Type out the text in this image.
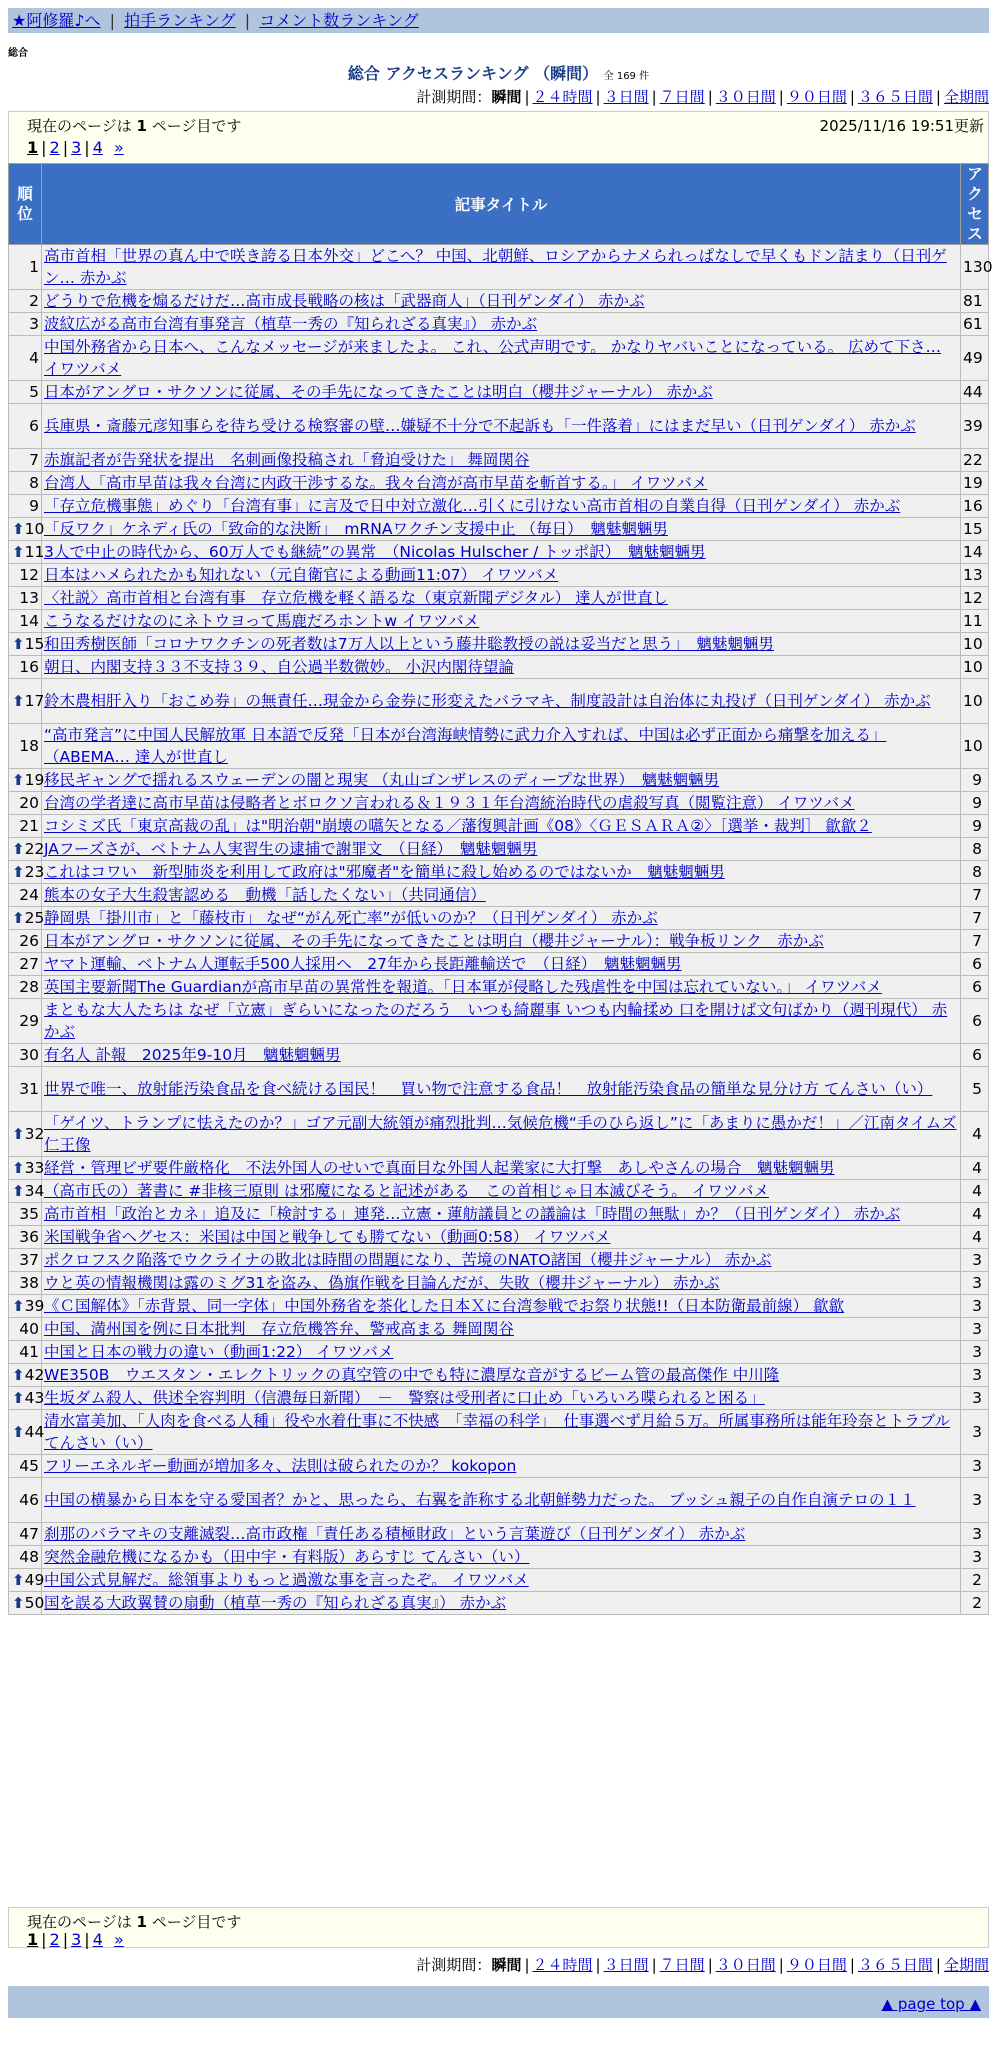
★阿修羅♪へ | 拍手ランキング | コメント数ランキング
総合
総合 アクセスランキング （瞬間） 全 169 件
計測期間：瞬間 | ２４時間 | ３日間 | ７日間 | ３０日間 | ９０日間 | ３６５日間 | 全期間
現在のページは 1 ページ目です	2025/11/16 19:51更新
1 | 2 | 3 | 4 »
順位	記事タイトル	アクセス
1	高市首相「世界の真ん中で咲き誇る日本外交」どこへ？ 中国、北朝鮮、ロシアからナメられっぱなしで早くもドン詰まり（日刊ゲン… 赤かぶ	130
2	どうりで危機を煽るだけだ…高市成長戦略の核は「武器商人」（日刊ゲンダイ） 赤かぶ	81
3	波紋広がる高市台湾有事発言（植草一秀の『知られざる真実』） 赤かぶ	61
4	中国外務省から日本へ、こんなメッセージが来ましたよ。 これ、公式声明です。 かなりヤバいことになっている。 広めて下さ… イワツバメ	49
5	日本がアングロ・サクソンに従属、その手先になってきたことは明白（櫻井ジャーナル） 赤かぶ	44
6	兵庫県・斎藤元彦知事らを待ち受ける検察審の壁…嫌疑不十分で不起訴も「一件落着」にはまだ早い（日刊ゲンダイ） 赤かぶ	39
7	赤旗記者が告発状を提出　名刺画像投稿され「脅迫受けた」 舞岡関谷	22
8	台湾人「高市早苗は我々台湾に内政干渉するな。我々台湾が高市早苗を斬首する。」 イワツバメ	19
9	「存立危機事態」めぐり「台湾有事」に言及で日中対立激化…引くに引けない高市首相の自業自得（日刊ゲンダイ） 赤かぶ	16

⬆ 10	「反ワク」ケネディ氏の「致命的な決断」　mRNAワクチン支援中止 （毎日）　魑魅魍魎男	15

⬆ 11	3人で中止の時代から、60万人でも継続”の異常　（Nicolas Hulscher / トッポ訳）　魑魅魍魎男	14
12	日本はハメられたかも知れない（元自衛官による動画11:07） イワツバメ	13
13	〈社説〉高市首相と台湾有事　存立危機を軽く語るな（東京新聞デジタル） 達人が世直し	12
14	こうなるだけなのにネトウヨって馬鹿だろホントw イワツバメ	11

⬆ 15	和田秀樹医師「コロナワクチンの死者数は7万人以上という藤井聡教授の説は妥当だと思う」　魑魅魍魎男	10
16	朝日、内閣支持３３不支持３９、自公過半数微妙。 小沢内閣待望論	10

⬆ 17	鈴木農相肝入り「おこめ券」の無責任…現金から金券に形変えたバラマキ、制度設計は自治体に丸投げ（日刊ゲンダイ） 赤かぶ	10
18	“高市発言”に中国人民解放軍 日本語で反発「日本が台湾海峡情勢に武力介入すれば、中国は必ず正面から痛撃を加える」（ABEMA… 達人が世直し	10

⬆ 19	移民ギャングで揺れるスウェーデンの闇と現実 （丸山ゴンザレスのディープな世界）　魑魅魍魎男	9
20	台湾の学者達に高市早苗は侵略者とボロクソ言われる＆１９３１年台湾統治時代の虐殺写真（閲覧注意） イワツバメ	9
21	コシミズ氏「東京高裁の乱」は"明治朝"崩壊の嚆矢となる／藩復興計画《08》〈ＧＥＳＡＲＡ②〉［選挙・裁判］ 歙歙２	9

⬆ 22	JAフーズさが、ベトナム人実習生の逮捕で謝罪文　（日経）　魑魅魍魎男	8

⬆ 23	これはコワい　新型肺炎を利用して政府は"邪魔者"を簡単に殺し始めるのではないか　魑魅魍魎男	8
24	熊本の女子大生殺害認める　動機「話したくない」（共同通信）	7

⬆ 25	静岡県「掛川市」と「藤枝市」 なぜ“がん死亡率”が低いのか？（日刊ゲンダイ） 赤かぶ	7
26	日本がアングロ・サクソンに従属、その手先になってきたことは明白（櫻井ジャーナル）：戦争板リンク　赤かぶ	7
27	ヤマト運輸、ベトナム人運転手500人採用へ　27年から長距離輸送で　（日経）　魑魅魍魎男	6
28	英国主要新聞The Guardianが高市早苗の異常性を報道。「日本軍が侵略した残虐性を中国は忘れていない。」 イワツバメ	6
29	まともな大人たちは なぜ「立憲」ぎらいになったのだろう　いつも綺麗事 いつも内輪揉め 口を開けば文句ばかり（週刊現代） 赤かぶ	6
30	有名人 訃報　2025年9-10月　魑魅魍魎男	6
31	世界で唯一、放射能汚染食品を食べ続ける国民！　買い物で注意する食品！　放射能汚染食品の簡単な見分け方 てんさい（い）	5

⬆ 32	「ゲイツ、トランプに怯えたのか？」ゴア元副大統領が痛烈批判…気候危機“手のひら返し”に「あまりに愚かだ！」／江南タイムズ 仁王像	4

⬆ 33	経営・管理ビザ要件厳格化　不法外国人のせいで真面目な外国人起業家に大打撃　あしやさんの場合　魑魅魍魎男	4

⬆ 34	（高市氏の）著書に #非核三原則 は邪魔になると記述がある　この首相じゃ日本滅びそう。 イワツバメ	4
35	高市首相「政治とカネ」追及に「検討する」連発…立憲・蓮舫議員との議論は「時間の無駄」か？（日刊ゲンダイ） 赤かぶ	4
36	米国戦争省ヘグセス：米国は中国と戦争しても勝てない（動画0:58） イワツバメ	4
37	ポクロフスク陥落でウクライナの敗北は時間の問題になり、苦境のNATO諸国（櫻井ジャーナル） 赤かぶ	3
38	ウと英の情報機関は露のミグ31を盗み、偽旗作戦を目論んだが、失敗（櫻井ジャーナル） 赤かぶ	3

⬆ 39	《Ｃ国解体》「赤背景、同一字体」中国外務省を茶化した日本Ｘに台湾参戦でお祭り状態!!（日本防衛最前線） 歙歙	3
40	中国、満州国を例に日本批判　存立危機答弁、警戒高まる 舞岡関谷	3
41	中国と日本の戦力の違い（動画1:22） イワツバメ	3

⬆ 42	WE350B　ウエスタン・エレクトリックの真空管の中でも特に濃厚な音がするビーム管の最高傑作 中川隆	3

⬆ 43	生坂ダム殺人、供述全容判明（信濃毎日新聞）　－　警察は受刑者に口止め「いろいろ喋られると困る」	3

⬆ 44	清水富美加、「人肉を食べる人種」役や水着仕事に不快感　「幸福の科学」　仕事選べず月給５万。所属事務所は能年玲奈とトラブル てんさい（い）	3
45	フリーエネルギー動画が増加多々、法則は破られたのか？ kokopon	3
46	中国の横暴から日本を守る愛国者？かと、思ったら、右翼を詐称する北朝鮮勢力だった。 ブッシュ親子の自作自演テロの１１	3
47	刹那のバラマキの支離滅裂…高市政権「責任ある積極財政」という言葉遊び（日刊ゲンダイ） 赤かぶ	3
48	突然金融危機になるかも（田中宇・有料版）あらすじ てんさい（い）	3

⬆ 49	中国公式見解だ。総領事よりもっと過激な事を言ったぞ。 イワツバメ	2

⬆ 50	国を誤る大政翼賛の扇動（植草一秀の『知られざる真実』） 赤かぶ	2
現在のページは 1 ページ目です
1 | 2 | 3 | 4 »
計測期間：瞬間 | ２４時間 | ３日間 | ７日間 | ３０日間 | ９０日間 | ３６５日間 | 全期間
▲ page top ▲
